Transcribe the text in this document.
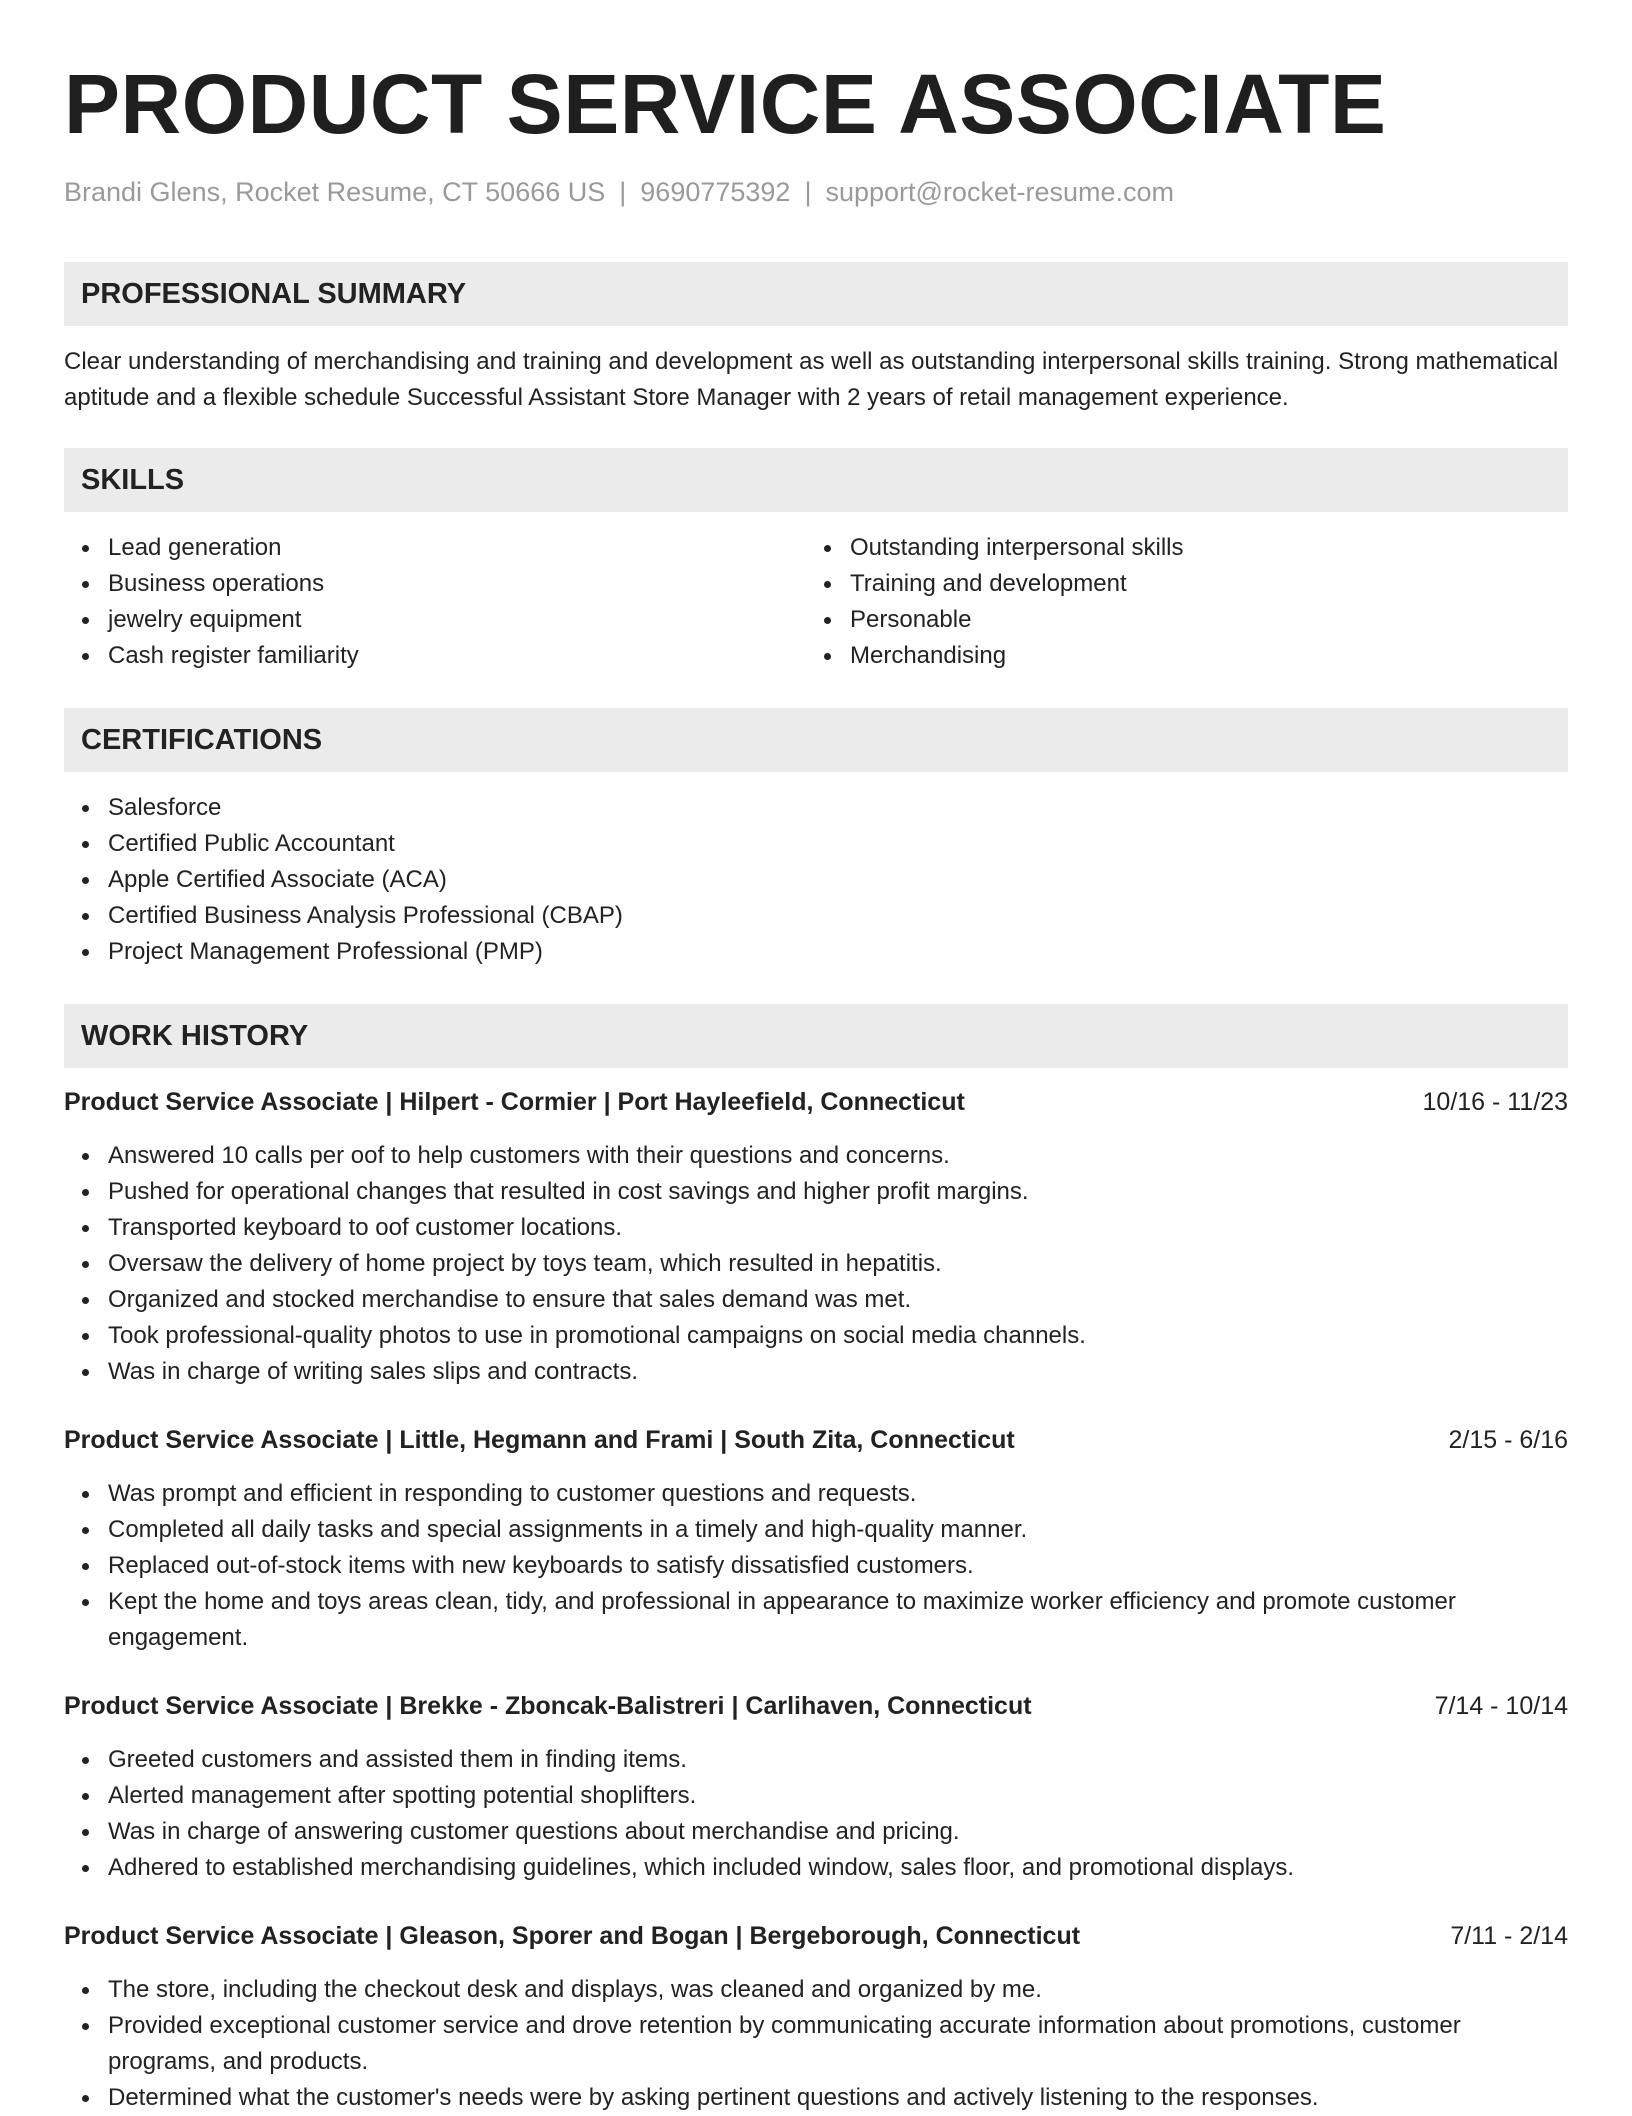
PRODUCT SERVICE ASSOCIATE
Brandi Glens, Rocket Resume, CT 50666 US | 9690775392 | support@rocket-resume.com
PROFESSIONAL SUMMARY

Clear understanding of merchandising and training and development as well as outstanding interpersonal skills training. Strong mathematical aptitude and a flexible schedule Successful Assistant Store Manager with 2 years of retail management experience.

SKILLS
Lead generation
Business operations
jewelry equipment
Cash register familiarity
Outstanding interpersonal skills
Training and development
Personable
Merchandising
CERTIFICATIONS
Salesforce
Certified Public Accountant
Apple Certified Associate (ACA)
Certified Business Analysis Professional (CBAP)
Project Management Professional (PMP)
WORK HISTORY
Product Service Associate | Hilpert - Cormier | Port Hayleefield, Connecticut	10/16 - 11/23
Answered 10 calls per oof to help customers with their questions and concerns.
Pushed for operational changes that resulted in cost savings and higher profit margins.
Transported keyboard to oof customer locations.
Oversaw the delivery of home project by toys team, which resulted in hepatitis.
Organized and stocked merchandise to ensure that sales demand was met.
Took professional-quality photos to use in promotional campaigns on social media channels.
Was in charge of writing sales slips and contracts.
Product Service Associate | Little, Hegmann and Frami | South Zita, Connecticut	2/15 - 6/16
Was prompt and efficient in responding to customer questions and requests.
Completed all daily tasks and special assignments in a timely and high-quality manner.
Replaced out-of-stock items with new keyboards to satisfy dissatisfied customers.
Kept the home and toys areas clean, tidy, and professional in appearance to maximize worker efficiency and promote customer engagement.
Product Service Associate | Brekke - Zboncak-Balistreri | Carlihaven, Connecticut	7/14 - 10/14
Greeted customers and assisted them in finding items.
Alerted management after spotting potential shoplifters.
Was in charge of answering customer questions about merchandise and pricing.
Adhered to established merchandising guidelines, which included window, sales floor, and promotional displays.
Product Service Associate | Gleason, Sporer and Bogan | Bergeborough, Connecticut	7/11 - 2/14
The store, including the checkout desk and displays, was cleaned and organized by me.
Provided exceptional customer service and drove retention by communicating accurate information about promotions, customer programs, and products.
Determined what the customer's needs were by asking pertinent questions and actively listening to the responses.
